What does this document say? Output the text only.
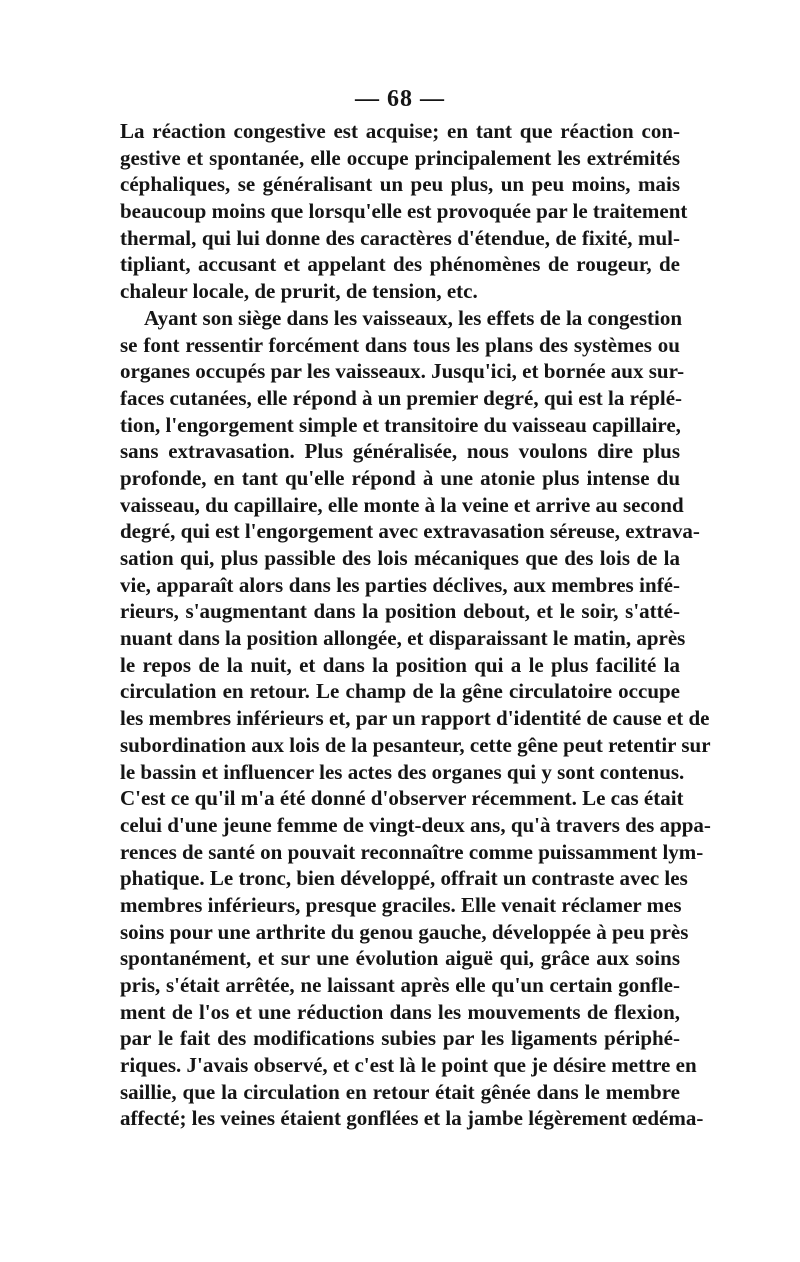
— 68 —
La réaction congestive est acquise; en tant que réaction con-
gestive et spontanée, elle occupe principalement les extrémités
céphaliques, se généralisant un peu plus, un peu moins, mais
beaucoup moins que lorsqu'elle est provoquée par le traitement
thermal, qui lui donne des caractères d'étendue, de fixité, mul-
tipliant, accusant et appelant des phénomènes de rougeur, de
chaleur locale, de prurit, de tension, etc.
Ayant son siège dans les vaisseaux, les effets de la congestion
se font ressentir forcément dans tous les plans des systèmes ou
organes occupés par les vaisseaux. Jusqu'ici, et bornée aux sur-
faces cutanées, elle répond à un premier degré, qui est la réplé-
tion, l'engorgement simple et transitoire du vaisseau capillaire,
sans extravasation. Plus généralisée, nous voulons dire plus
profonde, en tant qu'elle répond à une atonie plus intense du
vaisseau, du capillaire, elle monte à la veine et arrive au second
degré, qui est l'engorgement avec extravasation séreuse, extrava-
sation qui, plus passible des lois mécaniques que des lois de la
vie, apparaît alors dans les parties déclives, aux membres infé-
rieurs, s'augmentant dans la position debout, et le soir, s'atté-
nuant dans la position allongée, et disparaissant le matin, après
le repos de la nuit, et dans la position qui a le plus facilité la
circulation en retour. Le champ de la gêne circulatoire occupe
les membres inférieurs et, par un rapport d'identité de cause et de
subordination aux lois de la pesanteur, cette gêne peut retentir sur
le bassin et influencer les actes des organes qui y sont contenus.
C'est ce qu'il m'a été donné d'observer récemment. Le cas était
celui d'une jeune femme de vingt-deux ans, qu'à travers des appa-
rences de santé on pouvait reconnaître comme puissamment lym-
phatique. Le tronc, bien développé, offrait un contraste avec les
membres inférieurs, presque graciles. Elle venait réclamer mes
soins pour une arthrite du genou gauche, développée à peu près
spontanément, et sur une évolution aiguë qui, grâce aux soins
pris, s'était arrêtée, ne laissant après elle qu'un certain gonfle-
ment de l'os et une réduction dans les mouvements de flexion,
par le fait des modifications subies par les ligaments périphé-
riques. J'avais observé, et c'est là le point que je désire mettre en
saillie, que la circulation en retour était gênée dans le membre
affecté; les veines étaient gonflées et la jambe légèrement œdéma-
